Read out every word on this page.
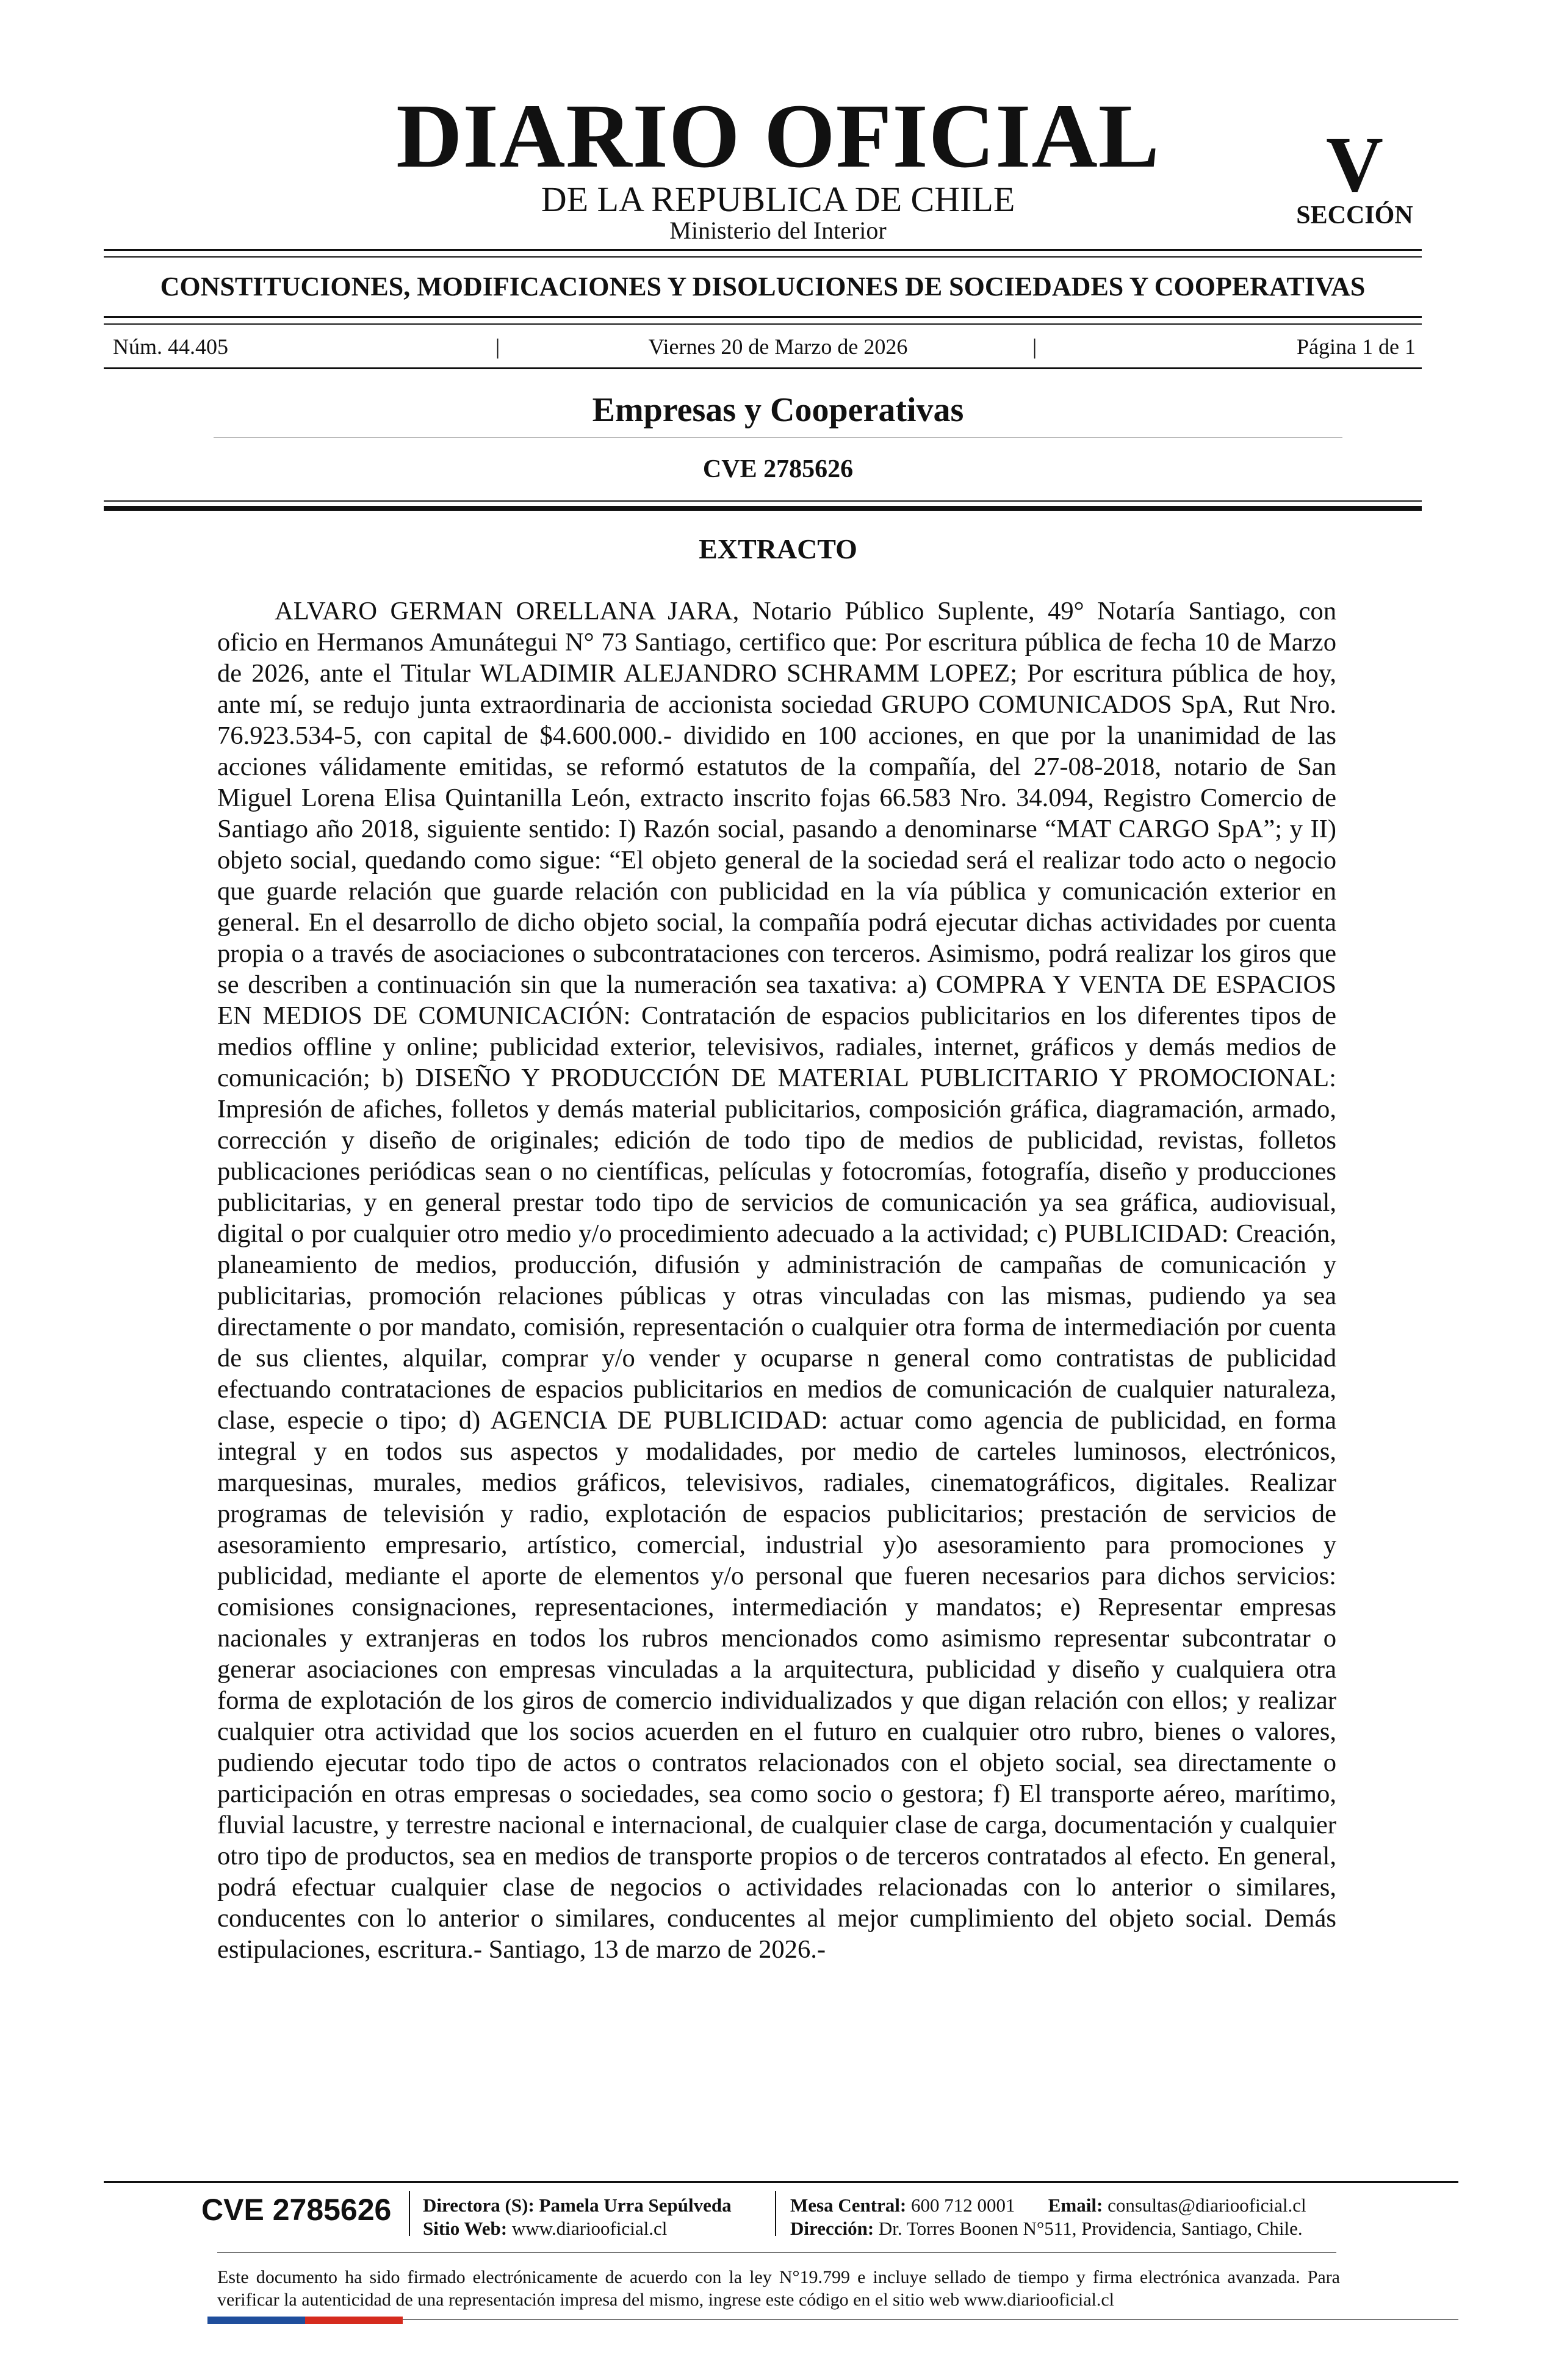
DIARIO OFICIAL
DE LA REPUBLICA DE CHILE
Ministerio del Interior
V
SECCIÓN
CONSTITUCIONES, MODIFICACIONES Y DISOLUCIONES DE SOCIEDADES Y COOPERATIVAS
Núm. 44.405	|	Viernes 20 de Marzo de 2026	|	Página 1 de 1
Empresas y Cooperativas
CVE 2785626
EXTRACTO

ALVARO GERMAN ORELLANA JARA, Notario Público Suplente, 49° Notaría Santiago, con oficio en Hermanos Amunátegui N° 73 Santiago, certifico que: Por escritura pública de fecha 10 de Marzo de 2026, ante el Titular WLADIMIR ALEJANDRO SCHRAMM LOPEZ; Por escritura pública de hoy, ante mí, se redujo junta extraordinaria de accionista sociedad GRUPO COMUNICADOS SpA, Rut Nro. 76.923.534-5, con capital de $4.600.000.- dividido en 100 acciones, en que por la unanimidad de las acciones válidamente emitidas, se reformó estatutos de la compañía, del 27-08-2018, notario de San Miguel Lorena Elisa Quintanilla León, extracto inscrito fojas 66.583 Nro. 34.094, Registro Comercio de Santiago año 2018, siguiente sentido: I) Razón social, pasando a denominarse “MAT CARGO SpA”; y II) objeto social, quedando como sigue: “El objeto general de la sociedad será el realizar todo acto o negocio que guarde relación que guarde relación con publicidad en la vía pública y comunicación exterior en general. En el desarrollo de dicho objeto social, la compañía podrá ejecutar dichas actividades por cuenta propia o a través de asociaciones o subcontrataciones con terceros. Asimismo, podrá realizar los giros que se describen a continuación sin que la numeración sea taxativa: a) COMPRA Y VENTA DE ESPACIOS EN MEDIOS DE COMUNICACIÓN: Contratación de espacios publicitarios en los diferentes tipos de medios offline y online; publicidad exterior, televisivos, radiales, internet, gráficos y demás medios de comunicación; b) DISEÑO Y PRODUCCIÓN DE MATERIAL PUBLICITARIO Y PROMOCIONAL: Impresión de afiches, folletos y demás material publicitarios, composición gráfica, diagramación, armado, corrección y diseño de originales; edición de todo tipo de medios de publicidad, revistas, folletos publicaciones periódicas sean o no científicas, películas y fotocromías, fotografía, diseño y producciones publicitarias, y en general prestar todo tipo de servicios de comunicación ya sea gráfica, audiovisual, digital o por cualquier otro medio y/o procedimiento adecuado a la actividad; c) PUBLICIDAD: Creación, planeamiento de medios, producción, difusión y administración de campañas de comunicación y publicitarias, promoción relaciones públicas y otras vinculadas con las mismas, pudiendo ya sea directamente o por mandato, comisión, representación o cualquier otra forma de intermediación por cuenta de sus clientes, alquilar, comprar y/o vender y ocuparse n general como contratistas de publicidad efectuando contrataciones de espacios publicitarios en medios de comunicación de cualquier naturaleza, clase, especie o tipo; d) AGENCIA DE PUBLICIDAD: actuar como agencia de publicidad, en forma integral y en todos sus aspectos y modalidades, por medio de carteles luminosos, electrónicos, marquesinas, murales, medios gráficos, televisivos, radiales, cinematográficos, digitales. Realizar programas de televisión y radio, explotación de espacios publicitarios; prestación de servicios de asesoramiento empresario, artístico, comercial, industrial y)o asesoramiento para promociones y publicidad, mediante el aporte de elementos y/o personal que fueren necesarios para dichos servicios: comisiones consignaciones, representaciones, intermediación y mandatos; e) Representar empresas nacionales y extranjeras en todos los rubros mencionados como asimismo representar subcontratar o generar asociaciones con empresas vinculadas a la arquitectura, publicidad y diseño y cualquiera otra forma de explotación de los giros de comercio individualizados y que digan relación con ellos; y realizar cualquier otra actividad que los socios acuerden en el futuro en cualquier otro rubro, bienes o valores, pudiendo ejecutar todo tipo de actos o contratos relacionados con el objeto social, sea directamente o participación en otras empresas o sociedades, sea como socio o gestora; f) El transporte aéreo, marítimo, fluvial lacustre, y terrestre nacional e internacional, de cualquier clase de carga, documentación y cualquier otro tipo de productos, sea en medios de transporte propios o de terceros contratados al efecto. En general, podrá efectuar cualquier clase de negocios o actividades relacionadas con lo anterior o similares, conducentes con lo anterior o similares, conducentes al mejor cumplimiento del objeto social. Demás estipulaciones, escritura.- Santiago, 13 de marzo de 2026.-

CVE 2785626 Directora (S): Pamela Urra Sepúlveda
Sitio Web: www.diariooficial.cl
Mesa Central: 600 712 0001 Email: consultas@diariooficial.cl
Dirección: Dr. Torres Boonen N°511, Providencia, Santiago, Chile.

Este documento ha sido firmado electrónicamente de acuerdo con la ley N°19.799 e incluye sellado de tiempo y firma electrónica avanzada. Para verificar la autenticidad de una representación impresa del mismo, ingrese este código en el sitio web www.diariooficial.cl
